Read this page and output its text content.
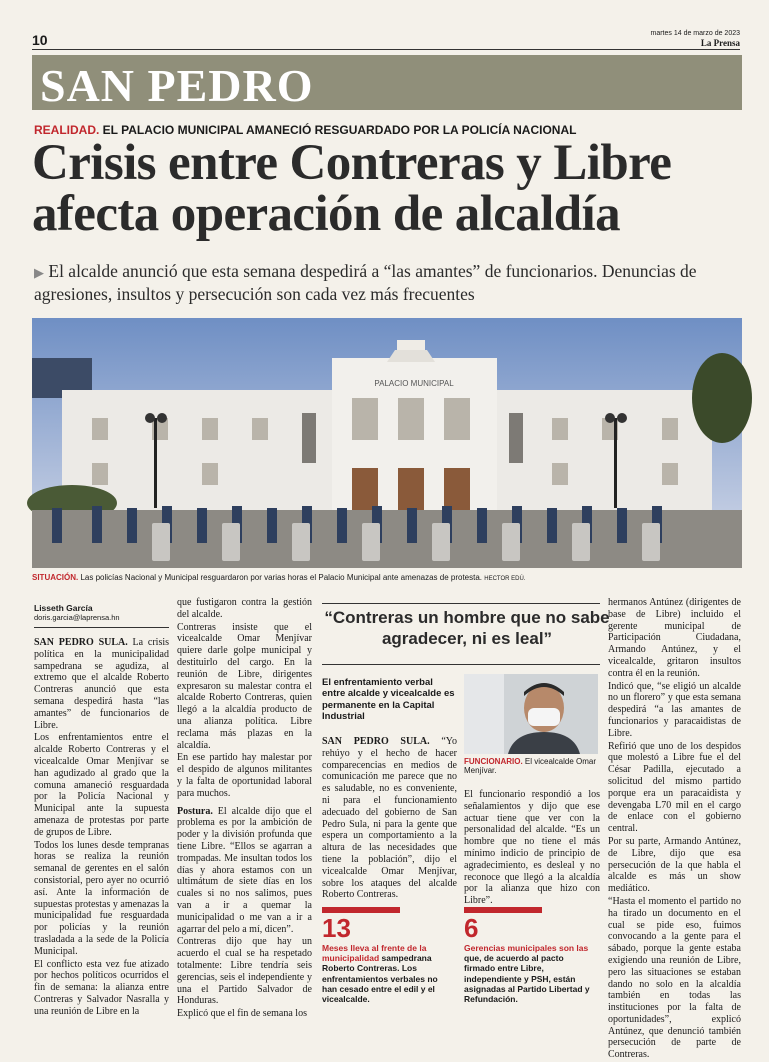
10	martes 14 de marzo de 2023
La Prensa
SAN PEDRO
REALIDAD. EL PALACIO MUNICIPAL AMANECIÓ RESGUARDADO POR LA POLICÍA NACIONAL
Crisis entre Contreras y Libre afecta operación de alcaldía
▶ El alcalde anunció que esta semana despedirá a “las amantes” de funcionarios. Denuncias de agresiones, insultos y persecución son cada vez más frecuentes
PALACIO MUNICIPAL
SITUACIÓN. Las policías Nacional y Municipal resguardaron por varias horas el Palacio Municipal ante amenazas de protesta. HECTOR EDÚ.
Lisseth García
doris.garcia@laprensa.hn

SAN PEDRO SULA. La crisis política en la municipalidad sampedrana se agudiza, al extremo que el alcalde Roberto Contreras anunció que esta semana despedirá hasta “las amantes” de funcionarios de Libre.

Los enfrentamientos entre el alcalde Roberto Contreras y el vicealcalde Omar Menjívar se han agudizado al grado que la comuna amaneció resguardada por la Policía Nacional y Municipal ante la supuesta amenaza de protestas por parte de grupos de Libre.

Todos los lunes desde tempranas horas se realiza la reunión semanal de gerentes en el salón consistorial, pero ayer no ocurrió así. Ante la información de supuestas protestas y amenazas la municipalidad fue resguardada por policías y la reunión trasladada a la sede de la Policía Municipal.

El conflicto esta vez fue atizado por hechos políticos ocurridos el fin de semana: la alianza entre Contreras y Salvador Nasralla y una reunión de Libre en la

que fustigaron contra la gestión del alcalde.

Contreras insiste que el vicealcalde Omar Menjívar quiere darle golpe municipal y destituirlo del cargo. En la reunión de Libre, dirigentes expresaron su malestar contra el alcalde Roberto Contreras, quien llegó a la alcaldía producto de una alianza política. Libre reclama más plazas en la alcaldía.

En ese partido hay malestar por el despido de algunos militantes y la falta de oportunidad laboral para muchos.

Postura. El alcalde dijo que el problema es por la ambición de poder y la división profunda que tiene Libre. “Ellos se agarran a trompadas. Me insultan todos los días y ahora estamos con un ultimátum de siete días en los cuales si no nos salimos, pues van a ir a quemar la municipalidad o me van a ir a agarrar del pelo a mí, dicen”.

Contreras dijo que hay un acuerdo el cual se ha respetado totalmente: Libre tendría seis gerencias, seis el independiente y una el Partido Salvador de Honduras.

Explicó que el fin de semana los

“Contreras un hombre que no sabe agradecer, ni es leal”
El enfrentamiento verbal entre alcalde y vicealcalde es permanente en la Capital Industrial
FUNCIONARIO. El vicealcalde Omar Menjívar.

SAN PEDRO SULA. “Yo rehúyo y el hecho de hacer comparecencias en medios de comunicación me parece que no es saludable, no es conveniente, ni para el funcionamiento adecuado del gobierno de San Pedro Sula, ni para la gente que espera un comportamiento a la altura de las necesidades que tiene la población”, dijo el vicealcalde Omar Menjívar, sobre los ataques del alcalde Roberto Contreras.

El funcionario respondió a los señalamientos y dijo que ese actuar tiene que ver con la personalidad del alcalde. “Es un hombre que no tiene el más mínimo indicio de principio de agradecimiento, es desleal y no reconoce que llegó a la alcaldía por la alianza que hizo con Libre”.

13
Meses lleva al frente de la municipalidad sampedrana Roberto Contreras. Los enfrentamientos verbales no han cesado entre el edil y el vicealcalde.
6
Gerencias municipales son las que, de acuerdo al pacto firmado entre Libre, independiente y PSH, están asignadas al Partido Libertad y Refundación.

hermanos Antúnez (dirigentes de base de Libre) incluido el gerente municipal de Participación Ciudadana, Armando Antúnez, y el vicealcalde, gritaron insultos contra él en la reunión.

Indicó que, “se eligió un alcalde no un florero” y que esta semana despedirá “a las amantes de funcionarios y paracaidistas de Libre.

Refirió que uno de los despidos que molestó a Libre fue el del César Padilla, ejecutado a solicitud del mismo partido porque era un paracaidista y devengaba L70 mil en el cargo de enlace con el gobierno central.

Por su parte, Armando Antúnez, de Libre, dijo que esa persecución de la que habla el alcalde es más un show mediático.

“Hasta el momento el partido no ha tirado un documento en el cual se pide eso, fuimos convocando a la gente para el sábado, porque la gente estaba exigiendo una reunión de Libre, pero las situaciones se estaban dando no solo en la alcaldía también en todas las instituciones por la falta de oportunidades”, explicó Antúnez, que denunció también persecución de parte de Contreras.
